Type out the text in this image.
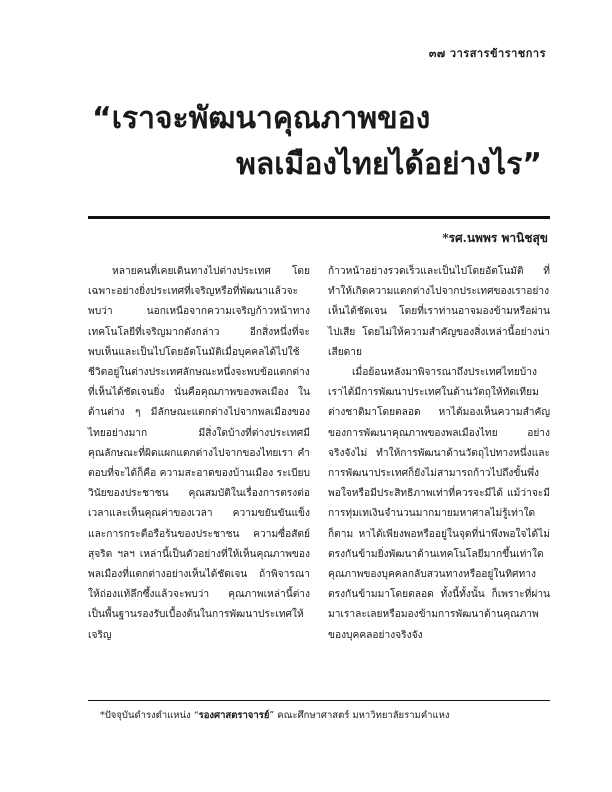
๓๗ วารสารข้าราชการ
“เราจะพัฒนาคุณภาพของ
พลเมืองไทยได้อย่างไร”
*รศ.นพพร พานิชสุข

หลายคนที่เคยเดินทางไปต่างประเทศ โดยเฉพาะอย่างยิ่งประเทศที่เจริญหรือที่พัฒนาแล้วจะพบว่า นอกเหนือจากความเจริญก้าวหน้าทางเทคโนโลยีที่เจริญมากดังกล่าว อีกสิ่งหนึ่งที่จะพบเห็นและเป็นไปโดยอัตโนมัติเมื่อบุคคลได้ไปใช้ชีวิตอยู่ในต่างประเทศลักษณะหนึ่งจะพบข้อแตกต่างที่เห็นได้ชัดเจนยิ่ง นั่นคือคุณภาพของพลเมือง ในด้านต่าง ๆ มีลักษณะแตกต่างไปจากพลเมืองของไทยอย่างมาก มีสิ่งใดบ้างที่ต่างประเทศมีคุณลักษณะที่ผิดแผกแตกต่างไปจากของไทยเรา คำตอบที่จะได้ก็คือ ความสะอาดของบ้านเมือง ระเบียบวินัยของประชาชน คุณสมบัติในเรื่องการตรงต่อเวลาและเห็นคุณค่าของเวลา ความขยันขันแข็งและการกระตือรือร้นของประชาชน ความซื่อสัตย์สุจริต ฯลฯ เหล่านี้เป็นตัวอย่างที่ให้เห็นคุณภาพของพลเมืองที่แตกต่างอย่างเห็นได้ชัดเจน ถ้าพิจารณาให้ถ่องแท้ลึกซึ้งแล้วจะพบว่า คุณภาพเหล่านี้ต่างเป็นพื้นฐานรองรับเบื้องต้นในการพัฒนาประเทศให้เจริญ

ก้าวหน้าอย่างรวดเร็วและเป็นไปโดยอัตโนมัติ ที่ทำให้เกิดความแตกต่างไปจากประเทศของเราอย่างเห็นได้ชัดเจน โดยที่เราท่านอาจมองข้ามหรือผ่านไปเสีย โดยไม่ให้ความสำคัญของสิ่งเหล่านี้อย่างน่าเสียดาย

เมื่อย้อนหลังมาพิจารณาถึงประเทศไทยบ้าง เราได้มีการพัฒนาประเทศในด้านวัตถุให้ทัดเทียมต่างชาติมาโดยตลอด หาได้มองเห็นความสำคัญของการพัฒนาคุณภาพของพลเมืองไทย อย่างจริงจังไม่ ทำให้การพัฒนาด้านวัตถุไปทางหนึ่งและการพัฒนาประเทศก็ยังไม่สามารถก้าวไปถึงขั้นพึ่งพอใจหรือมีประสิทธิภาพเท่าที่ควรจะมีได้ แม้ว่าจะมีการทุ่มเทเงินจำนวนมากมายมหาศาลไม่รู้เท่าใดก็ตาม หาได้เพียงพอหรืออยู่ในจุดที่น่าพึงพอใจได้ไม่ ตรงกันข้ามยิ่งพัฒนาด้านเทคโนโลยีมากขึ้นเท่าใด คุณภาพของบุคคลกลับสวนทางหรืออยู่ในทิศทางตรงกันข้ามมาโดยตลอด ทั้งนี้ทั้งนั้น ก็เพราะที่ผ่านมาเราละเลยหรือมองข้ามการพัฒนาด้านคุณภาพของบุคคลอย่างจริงจัง

*ปัจจุบันดำรงตำแหน่ง “รองศาสตราจารย์” คณะศึกษาศาสตร์ มหาวิทยาลัยรามคำแหง
